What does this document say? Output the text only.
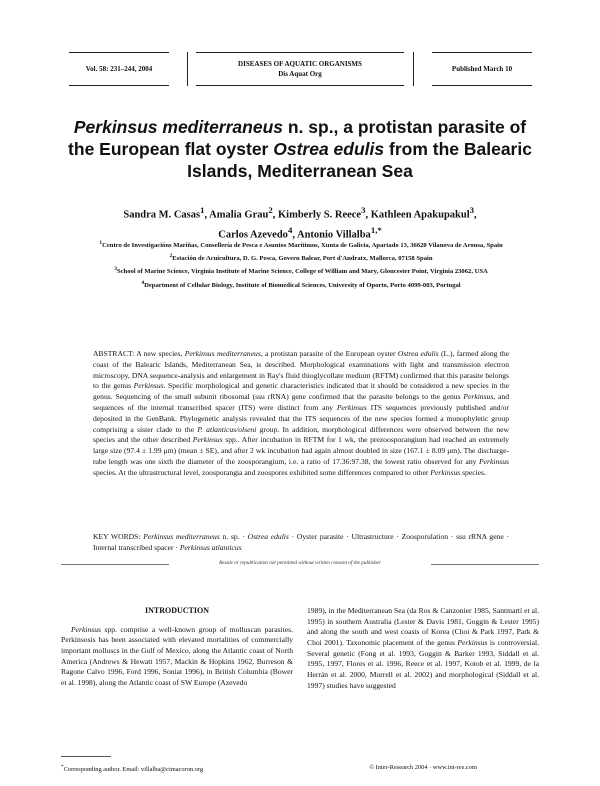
Vol. 58: 231–244, 2004
DISEASES OF AQUATIC ORGANISMS
Dis Aquat Org
Published March 10
Perkinsus mediterraneus n. sp., a protistan parasite of the European flat oyster Ostrea edulis from the Balearic Islands, Mediterranean Sea
Sandra M. Casas$^1$, Amalia Grau$^2$, Kimberly S. Reece$^3$, Kathleen Apakupakul$^3$,
Carlos Azevedo$^4$, Antonio Villalba$^{1,*}$
$^1$Centro de Investigacións Mariñas, Consellería de Pesca e Asuntos Marítimos, Xunta de Galicia, Apartado 13, 36620 Vilanova de Arousa, Spain
$^2$Estación de Acuicultura, D. G. Pesca, Govern Balear, Port d'Andratx, Mallorca, 07158 Spain
$^3$School of Marine Science, Virginia Institute of Marine Science, College of William and Mary, Gloucester Point, Virginia 23062, USA
$^4$Department of Cellular Biology, Institute of Biomedical Sciences, University of Oporto, Porto 4099-003, Portugal
ABSTRACT: A new species, Perkinsus mediterraneus, a protistan parasite of the European oyster Ostrea edulis (L.), farmed along the coast of the Balearic Islands, Mediterranean Sea, is described. Morphological examinations with light and transmission electron microscopy, DNA sequence-analysis and enlargement in Ray's fluid thioglycollate medium (RFTM) confirmed that this parasite belongs to the genus Perkinsus. Specific morphological and genetic characteristics indicated that it should be considered a new species in the genus. Sequencing of the small subunit ribosomal (ssu rRNA) gene confirmed that the parasite belongs to the genus Perkinsus, and sequences of the internal transcribed spacer (ITS) were distinct from any Perkinsus ITS sequences previously published and/or deposited in the GenBank. Phylogenetic analysis revealed that the ITS sequences of the new species formed a monophyletic group comprising a sister clade to the P. atlanticus/olseni group. In addition, morphological differences were observed between the new species and the other described Perkinsus spp.. After incubation in RFTM for 1 wk, the prezoosporangium had reached an extremely large size (97.4 ± 1.99 μm) (mean ± SE), and after 2 wk incubation had again almost doubled in size (167.1 ± 8.09 μm). The discharge-tube length was one sixth the diameter of the zoosporangium, i.e. a ratio of 17.36:97.38, the lowest ratio observed for any Perkinsus species. At the ultrastructural level, zoosporangia and zoospores exhibited some differences compared to other Perkinsus species.
KEY WORDS: Perkinsus mediterraneus n. sp. · Ostrea edulis · Oyster parasite · Ultrastructure · Zoosporulation · ssu rRNA gene · Internal transcribed spacer · Perkinsus atlanticus
Resale or republication not permitted without written consent of the publisher
INTRODUCTION
Perkinsus spp. comprise a well-known group of molluscan parasites. Perkinsosis has been associated with elevated mortalities of commercially important molluscs in the Gulf of Mexico, along the Atlantic coast of North America (Andrews & Hewatt 1957, Mackin & Hopkins 1962, Burreson & Ragone Calvo 1996, Ford 1996, Soniat 1996), in British Columbia (Bower et al. 1998), along the Atlantic coast of SW Europe (Azevedo
1989), in the Mediterranean Sea (da Ros & Canzonier 1985, Santmartí et al. 1995) in southern Australia (Lester & Davis 1981, Goggin & Lester 1995) and along the south and west coasts of Korea (Choi & Park 1997, Park & Choi 2001). Taxonomic placement of the genus Perkinsus is controversial. Several genetic (Fong et al. 1993, Goggin & Barker 1993, Siddall et al. 1995, 1997, Flores et al. 1996, Reece et al. 1997, Kotob et al. 1999, de la Herrán et al. 2000, Murrell et al. 2002) and morphological (Siddall et al. 1997) studies have suggested
*Corresponding author. Email: villalba@cimacoron.org	© Inter-Research 2004 · www.int-res.com
